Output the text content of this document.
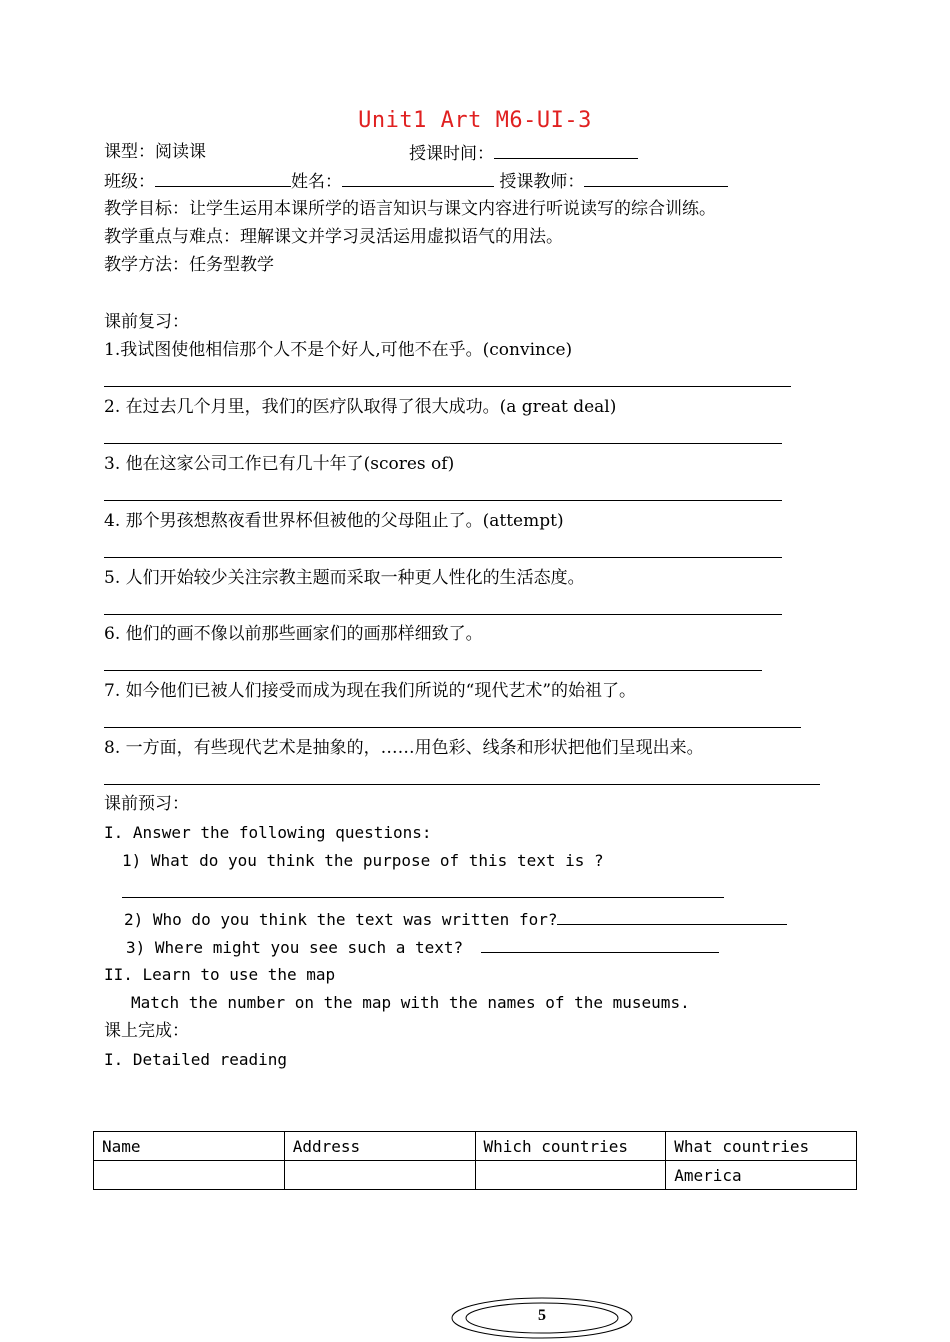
Unit1 Art M6-UI-3
课型：阅读课	授课时间：
班级：	姓名：	授课教师：
教学目标：让学生运用本课所学的语言知识与课文内容进行听说读写的综合训练。
教学重点与难点：理解课文并学习灵活运用虚拟语气的用法。
教学方法：任务型教学
课前复习：
1.我试图使他相信那个人不是个好人,可他不在乎。(convince)
2. 在过去几个月里，我们的医疗队取得了很大成功。(a great deal)
3. 他在这家公司工作已有几十年了(scores of)
4. 那个男孩想熬夜看世界杯但被他的父母阻止了。(attempt)
5. 人们开始较少关注宗教主题而采取一种更人性化的生活态度。
6. 他们的画不像以前那些画家们的画那样细致了。
7. 如今他们已被人们接受而成为现在我们所说的“现代艺术”的始祖了。
8. 一方面，有些现代艺术是抽象的，……用色彩、线条和形状把他们呈现出来。
课前预习：
I. Answer the following questions:
1) What do you think the purpose of this text is ?
2) Who do you think the text was written for?
3) Where might you see such a text?
II. Learn to use the map
Match the number on the map with the names of the museums.
课上完成：
I. Detailed reading
Name	Address	Which countries	What countries
			America
5
